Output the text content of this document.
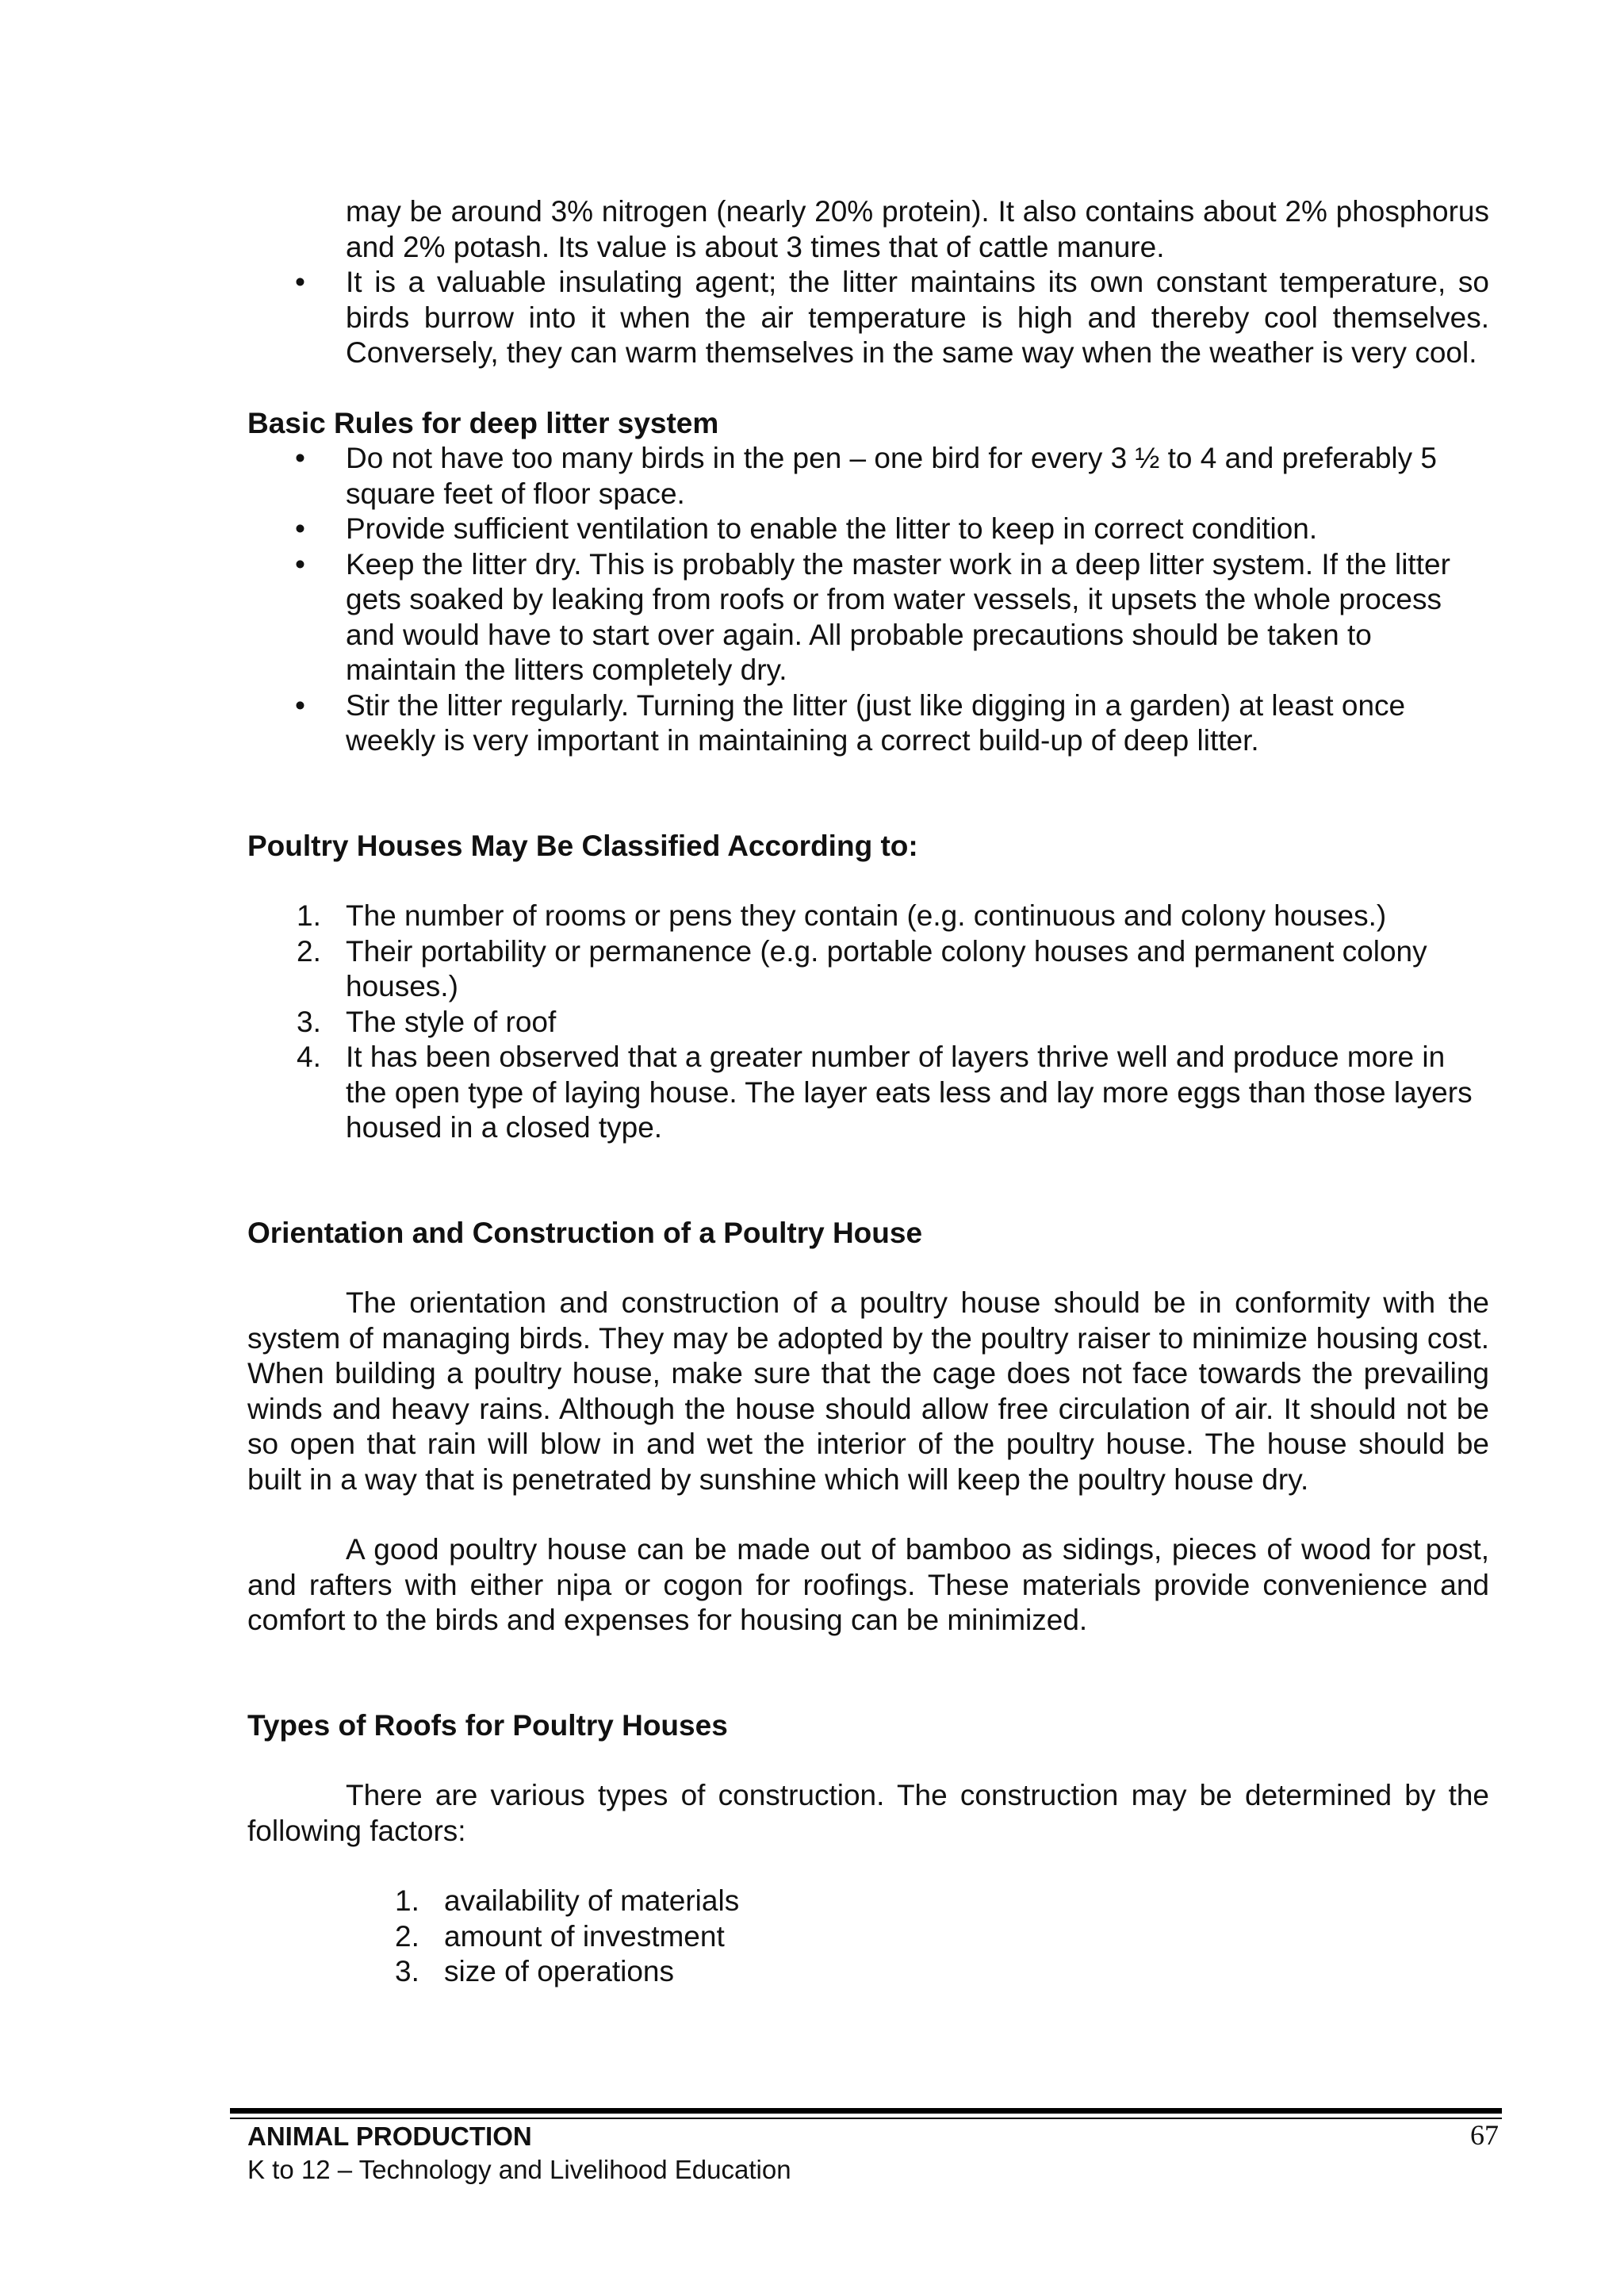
may be around 3% nitrogen (nearly 20% protein). It also contains about 2% phosphorus and 2% potash. Its value is about 3 times that of cattle manure.

• It is a valuable insulating agent; the litter maintains its own constant temperature, so birds burrow into it when the air temperature is high and thereby cool themselves. Conversely, they can warm themselves in the same way when the weather is very cool.
Basic Rules for deep litter system
• Do not have too many birds in the pen – one bird for every 3 ½ to 4 and preferably 5 square feet of floor space.
• Provide sufficient ventilation to enable the litter to keep in correct condition.
• Keep the litter dry. This is probably the master work in a deep litter system. If the litter gets soaked by leaking from roofs or from water vessels, it upsets the whole process and would have to start over again. All probable precautions should be taken to maintain the litters completely dry.
• Stir the litter regularly. Turning the litter (just like digging in a garden) at least once weekly is very important in maintaining a correct build-up of deep litter.
Poultry Houses May Be Classified According to:
1. The number of rooms or pens they contain (e.g. continuous and colony houses.)
2. Their portability or permanence (e.g. portable colony houses and permanent colony houses.)
3. The style of roof
4. It has been observed that a greater number of layers thrive well and produce more in the open type of laying house. The layer eats less and lay more eggs than those layers housed in a closed type.
Orientation and Construction of a Poultry House

The orientation and construction of a poultry house should be in conformity with the system of managing birds. They may be adopted by the poultry raiser to minimize housing cost. When building a poultry house, make sure that the cage does not face towards the prevailing winds and heavy rains. Although the house should allow free circulation of air. It should not be so open that rain will blow in and wet the interior of the poultry house. The house should be built in a way that is penetrated by sunshine which will keep the poultry house dry.

A good poultry house can be made out of bamboo as sidings, pieces of wood for post, and rafters with either nipa or cogon for roofings. These materials provide convenience and comfort to the birds and expenses for housing can be minimized.

Types of Roofs for Poultry Houses

There are various types of construction. The construction may be determined by the following factors:

1. availability of materials
2. amount of investment
3. size of operations
ANIMAL PRODUCTION
K to 12 – Technology and Livelihood Education
67
